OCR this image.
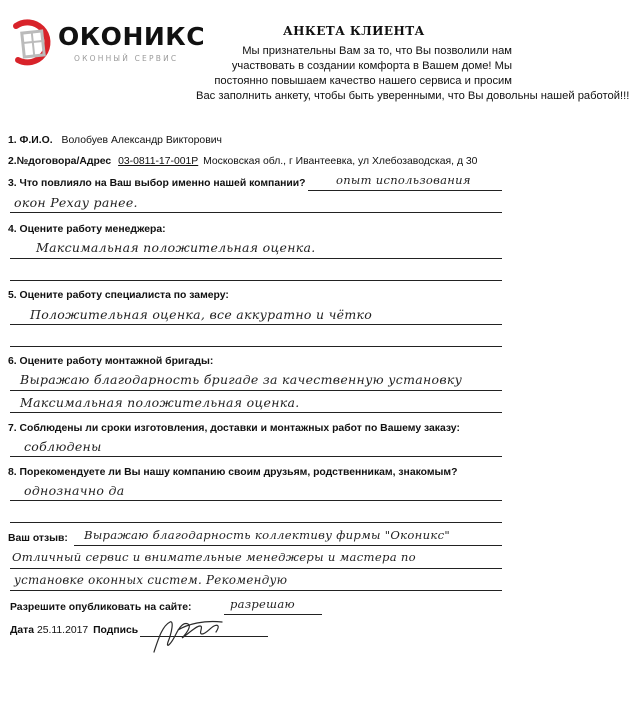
ОКОНИКС
ОКОННЫЙ СЕРВИС
АНКЕТА КЛИЕНТА
Мы признательны Вам за то, что Вы позволили нам
участвовать в создании комфорта в Вашем доме! Мы
постоянно повышаем качество нашего сервиса и просим
Вас заполнить анкету, чтобы быть уверенными, что Вы довольны нашей работой!!!
1. Ф.И.О. Волобуев Александр Викторович
2.№договора/Адрес 03-0811-17-001Р Московская обл., г Ивантеевка, ул Хлебозаводская, д 30
3. Что повлияло на Ваш выбор именно нашей компании?	опыт использования
окон Рехау ранее.
4. Оцените работу менеджера:
Максимальная положительная оценка.
5. Оцените работу специалиста по замеру:
Положительная оценка, все аккуратно и чётко
6. Оцените работу монтажной бригады:
Выражаю благодарность бригаде за качественную установку
Максимальная положительная оценка.
7. Соблюдены ли сроки изготовления, доставки и монтажных работ по Вашему заказу:
соблюдены
8. Порекомендуете ли Вы нашу компанию своим друзьям, родственникам, знакомым?
однозначно да
Ваш отзыв: Выражаю благодарность коллективу фирмы "Оконикс"
Отличный сервис и внимательные менеджеры и мастера по
установке оконных систем. Рекомендую
Разрешите опубликовать на сайте:	разрешаю
Дата 25.11.2017 Подпись
